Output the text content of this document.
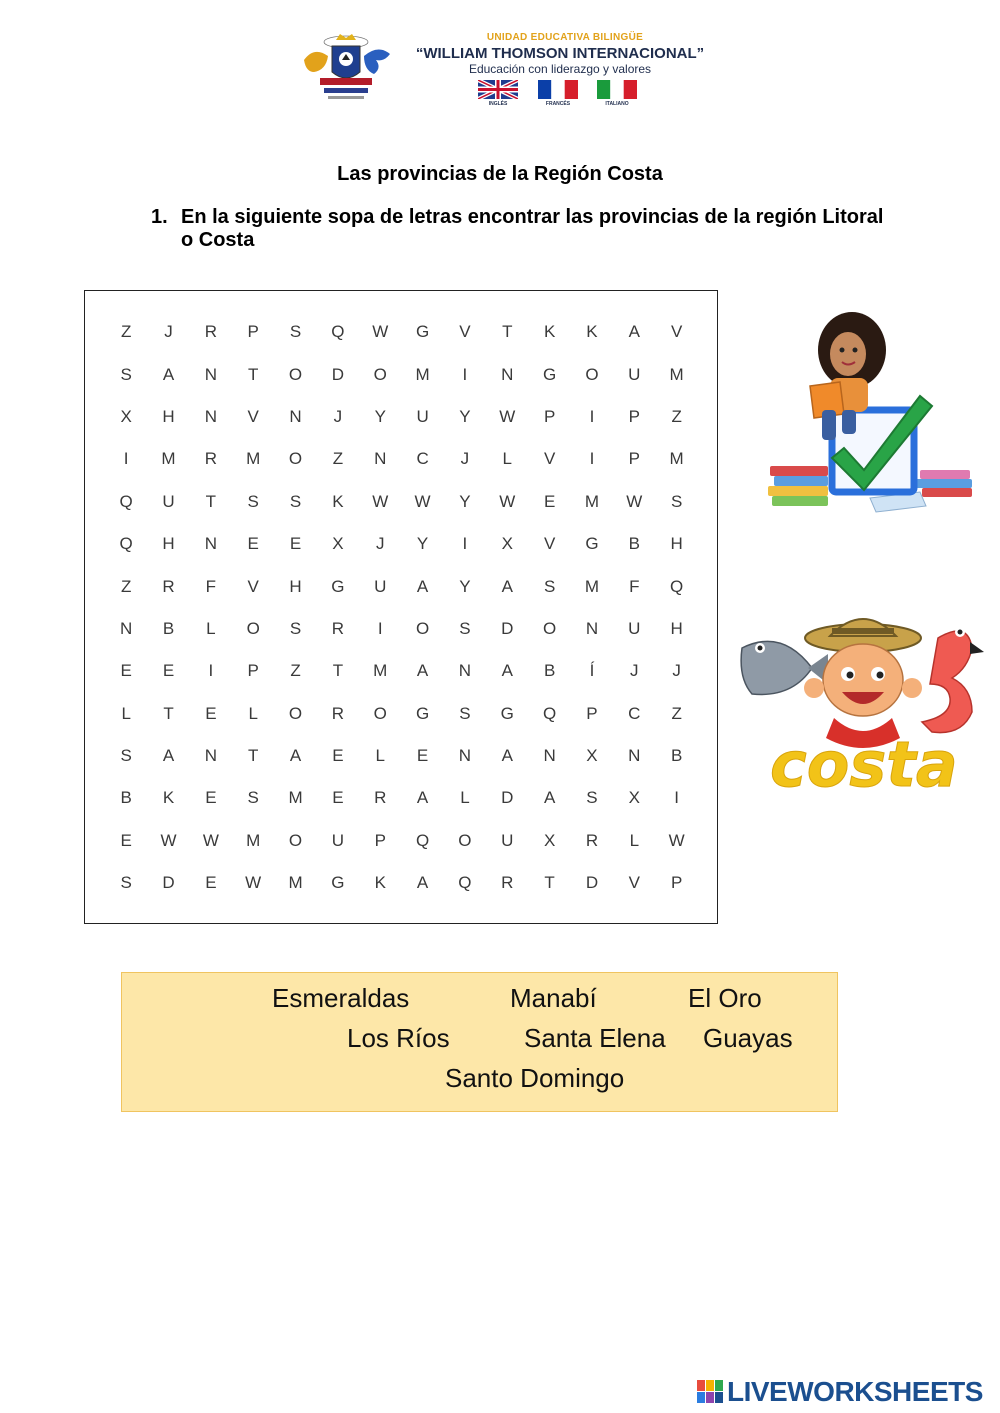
UNIDAD EDUCATIVA BILINGÜE
“WILLIAM THOMSON INTERNACIONAL”
Educación con liderazgo y valores
INGLÉS	FRANCÉS	ITALIANO
Las provincias de la Región Costa
1. En la siguiente sopa de letras encontrar las provincias de la región Litoral o Costa
Z	J	R	P	S	Q	W	G	V	T	K	K	A	V
S	A	N	T	O	D	O	M	I	N	G	O	U	M
X	H	N	V	N	J	Y	U	Y	W	P	I	P	Z
I	M	R	M	O	Z	N	C	J	L	V	I	P	M
Q	U	T	S	S	K	W	W	Y	W	E	M	W	S
Q	H	N	E	E	X	J	Y	I	X	V	G	B	H
Z	R	F	V	H	G	U	A	Y	A	S	M	F	Q
N	B	L	O	S	R	I	O	S	D	O	N	U	H
E	E	I	P	Z	T	M	A	N	A	B	Í	J	J
L	T	E	L	O	R	O	G	S	G	Q	P	C	Z
S	A	N	T	A	E	L	E	N	A	N	X	N	B
B	K	E	S	M	E	R	A	L	D	A	S	X	I
E	W	W	M	O	U	P	Q	O	U	X	R	L	W
S	D	E	W	M	G	K	A	Q	R	T	D	V	P
costa
Esmeraldas	Manabí	El Oro
Los Ríos	Santa Elena Guayas
Santo Domingo
LIVEWORKSHEETS
